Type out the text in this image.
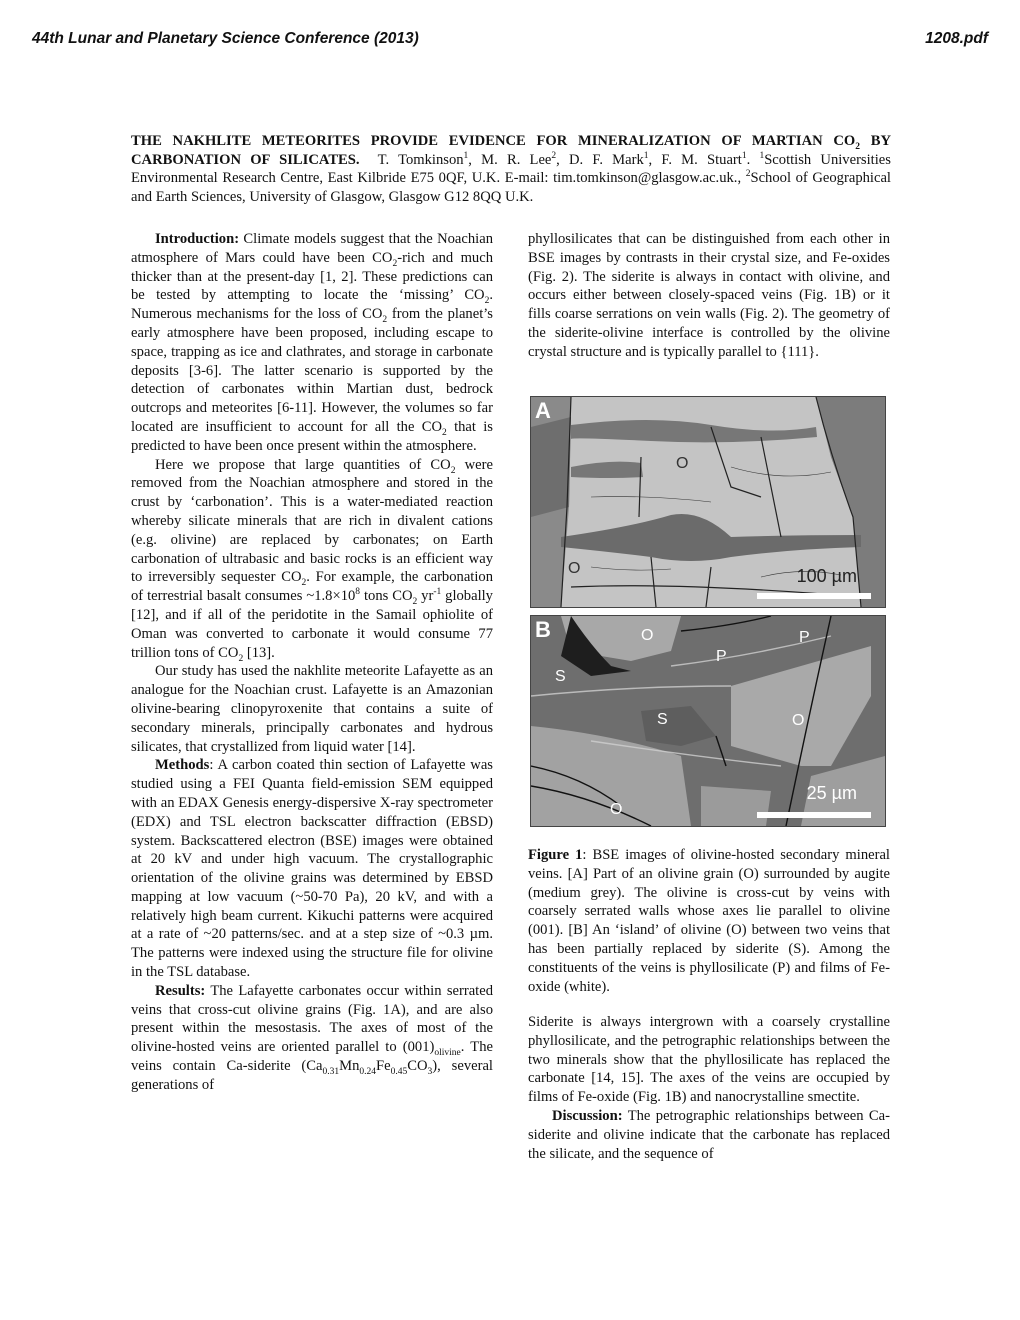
44th Lunar and Planetary Science Conference (2013)	1208.pdf
THE NAKHLITE METEORITES PROVIDE EVIDENCE FOR MINERALIZATION OF MARTIAN $CO_2$ BY CARBONATION OF SILICATES. T. Tomkinson$^1$, M. R. Lee$^2$, D. F. Mark$^1$, F. M. Stuart$^1$. $^1$Scottish Universities Environmental Research Centre, East Kilbride E75 0QF, U.K. E-mail: tim.tomkinson@glasgow.ac.uk., $^2$School of Geographical and Earth Sciences, University of Glasgow, Glasgow G12 8QQ U.K.

Introduction: Climate models suggest that the Noachian atmosphere of Mars could have been $CO_2$-rich and much thicker than at the present-day [1, 2]. These predictions can be tested by attempting to locate the ‘missing’ $CO_2$. Numerous mechanisms for the loss of $CO_2$ from the planet’s early atmosphere have been proposed, including escape to space, trapping as ice and clathrates, and storage in carbonate deposits [3-6]. The latter scenario is supported by the detection of carbonates within Martian dust, bedrock outcrops and meteorites [6-11]. However, the volumes so far located are insufficient to account for all the $CO_2$ that is predicted to have been once present within the atmosphere.

Here we propose that large quantities of $CO_2$ were removed from the Noachian atmosphere and stored in the crust by ‘carbonation’. This is a water-mediated reaction whereby silicate minerals that are rich in divalent cations (e.g. olivine) are replaced by carbonates; on Earth carbonation of ultrabasic and basic rocks is an efficient way to irreversibly sequester $CO_2$. For example, the carbonation of terrestrial basalt consumes $\sim 1.8\times 10^8$ tons $CO_2$ $yr^{-1}$ globally [12], and if all of the peridotite in the Samail ophiolite of Oman was converted to carbonate it would consume 77 trillion tons of $CO_2$ [13].

Our study has used the nakhlite meteorite Lafayette as an analogue for the Noachian crust. Lafayette is an Amazonian olivine-bearing clinopyroxenite that contains a suite of secondary minerals, principally carbonates and hydrous silicates, that crystallized from liquid water [14].

Methods: A carbon coated thin section of Lafayette was studied using a FEI Quanta field-emission SEM equipped with an EDAX Genesis energy-dispersive X-ray spectrometer (EDX) and TSL electron backscatter diffraction (EBSD) system. Backscattered electron (BSE) images were obtained at 20 kV and under high vacuum. The crystallographic orientation of the olivine grains was determined by EBSD mapping at low vacuum (~50-70 Pa), 20 kV, and with a relatively high beam current. Kikuchi patterns were acquired at a rate of ~20 patterns/sec. and at a step size of ~0.3 µm. The patterns were indexed using the structure file for olivine in the TSL database.

Results: The Lafayette carbonates occur within serrated veins that cross-cut olivine grains (Fig. 1A), and are also present within the mesostasis. The axes of most of the olivine-hosted veins are oriented parallel to $(001)_{olivine}$. The veins contain Ca-siderite $(Ca_{0.31}Mn_{0.24}Fe_{0.45}CO_3)$, several generations of

phyllosilicates that can be distinguished from each other in BSE images by contrasts in their crystal size, and Fe-oxides (Fig. 2). The siderite is always in contact with olivine, and occurs either between closely-spaced veins (Fig. 1B) or it fills coarse serrations on vein walls (Fig. 2). The geometry of the siderite-olivine interface is controlled by the olivine crystal structure and is typically parallel to {111}.

A
O
O	100 µm
B	O
P
P
S
S	O
O
25 µm
Figure 1: BSE images of olivine-hosted secondary mineral veins. [A] Part of an olivine grain (O) surrounded by augite (medium grey). The olivine is cross-cut by veins with coarsely serrated walls whose axes lie parallel to olivine (001). [B] An ‘island’ of olivine (O) between two veins that has been partially replaced by siderite (S). Among the constituents of the veins is phyllosilicate (P) and films of Fe-oxide (white).

Siderite is always intergrown with a coarsely crystalline phyllosilicate, and the petrographic relationships between the two minerals show that the phyllosilicate has replaced the carbonate [14, 15]. The axes of the veins are occupied by films of Fe-oxide (Fig. 1B) and nanocrystalline smectite.

Discussion: The petrographic relationships between Ca-siderite and olivine indicate that the carbonate has replaced the silicate, and the sequence of
